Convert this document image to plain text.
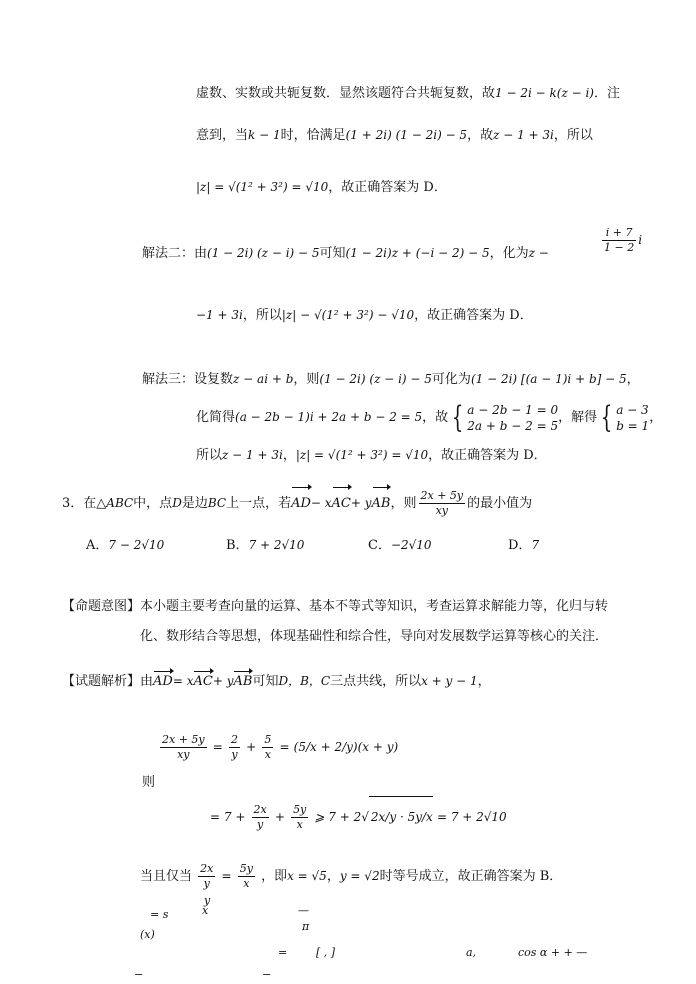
虚数、实数或共轭复数．显然该题符合共轭复数，故1 − 2i − k(z − i)．注
意到，当k − 1时，恰满足(1 + 2i) (1 − 2i) − 5，故z − 1 + 3i，所以
|z| = √(1² + 3²) = √10，故正确答案为 D．
解法二：由(1 − 2i) (z − i) − 5可知(1 − 2i)z + (−i − 2) − 5，化为z −	$\frac{i + 7}{1 - 2}$ i
−1 + 3i，所以|z| − √(1² + 3²) − √10，故正确答案为 D．
解法三：设复数z − ai + b，则(1 − 2i) (z − i) − 5可化为(1 − 2i) [(a − 1)i + b] − 5，
化简得(a − 2b − 1)i + 2a + b − 2 = 5，故 { a − 2b − 1 = 0
2a + b − 2 = 5，解得 { a − 3
b = 1，
所以z − 1 + 3i，|z| = √(1² + 3²) = √10，故正确答案为 D．
3．在△ABC中，点D是边BC上一点，若AD− xAC+ yAB，则 $\frac{2x + 5y}{xy}$ 的最小值为
A．7 − 2√10	B．7 + 2√10	C．−2√10	D．7
【命题意图】本小题主要考查向量的运算、基本不等式等知识，考查运算求解能力等，化归与转
化、数形结合等思想，体现基础性和综合性，导向对发展数学运算等核心的关注．
【试题解析】由AD= xAC+ yAB可知D，B，C三点共线，所以x + y − 1，
$\frac{2x + 5y}{xy} = \frac{2}{y} + \frac{5}{x} = (5/x + 2/y)(x + y)$
则
= $7 + \frac{2x}{y} + \frac{5y}{x}$ ⩾ 7 + 2√ 2x/y · 5y/x = 7 + 2√10
当且仅当 $\frac{2x}{y} = \frac{5y}{x}$ ，即x = √5，y = √2时等号成立，故正确答案为 B．
= s	x
y
—
π
(x)
=	[ , ]	a,	cos α + + —
−	−
